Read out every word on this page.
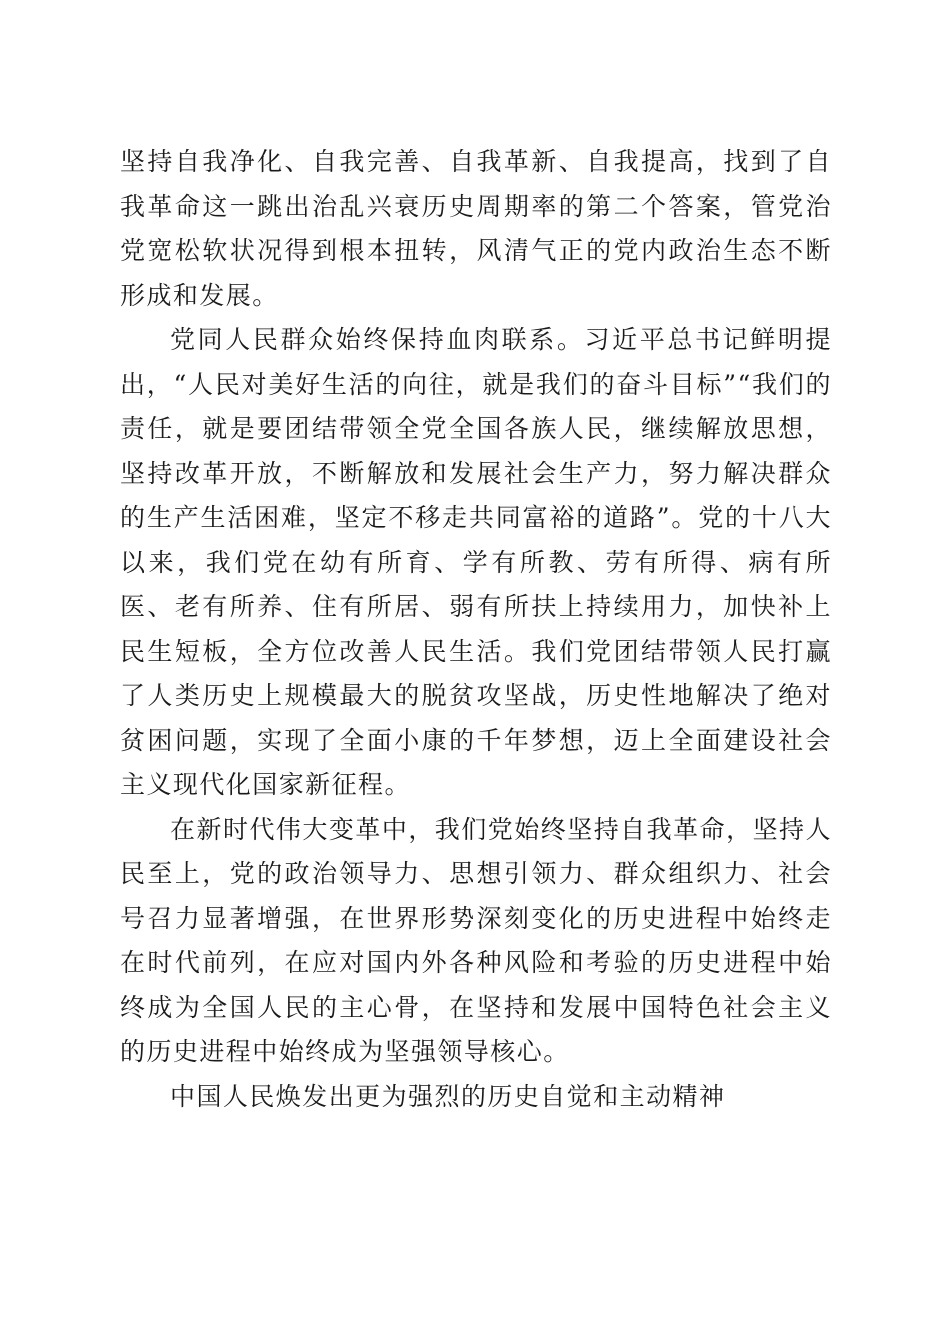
坚持自我净化、自我完善、自我革新、自我提高，找到了自我革命这一跳出治乱兴衰历史周期率的第二个答案，管党治党宽松软状况得到根本扭转，风清气正的党内政治生态不断形成和发展。

党同人民群众始终保持血肉联系。习近平总书记鲜明提出，“人民对美好生活的向往，就是我们的奋斗目标”“我们的责任，就是要团结带领全党全国各族人民，继续解放思想，坚持改革开放，不断解放和发展社会生产力，努力解决群众的生产生活困难，坚定不移走共同富裕的道路”。党的十八大以来，我们党在幼有所育、学有所教、劳有所得、病有所医、老有所养、住有所居、弱有所扶上持续用力，加快补上民生短板，全方位改善人民生活。我们党团结带领人民打赢了人类历史上规模最大的脱贫攻坚战，历史性地解决了绝对贫困问题，实现了全面小康的千年梦想，迈上全面建设社会主义现代化国家新征程。

在新时代伟大变革中，我们党始终坚持自我革命，坚持人民至上，党的政治领导力、思想引领力、群众组织力、社会号召力显著增强，在世界形势深刻变化的历史进程中始终走在时代前列，在应对国内外各种风险和考验的历史进程中始终成为全国人民的主心骨，在坚持和发展中国特色社会主义的历史进程中始终成为坚强领导核心。

中国人民焕发出更为强烈的历史自觉和主动精神
